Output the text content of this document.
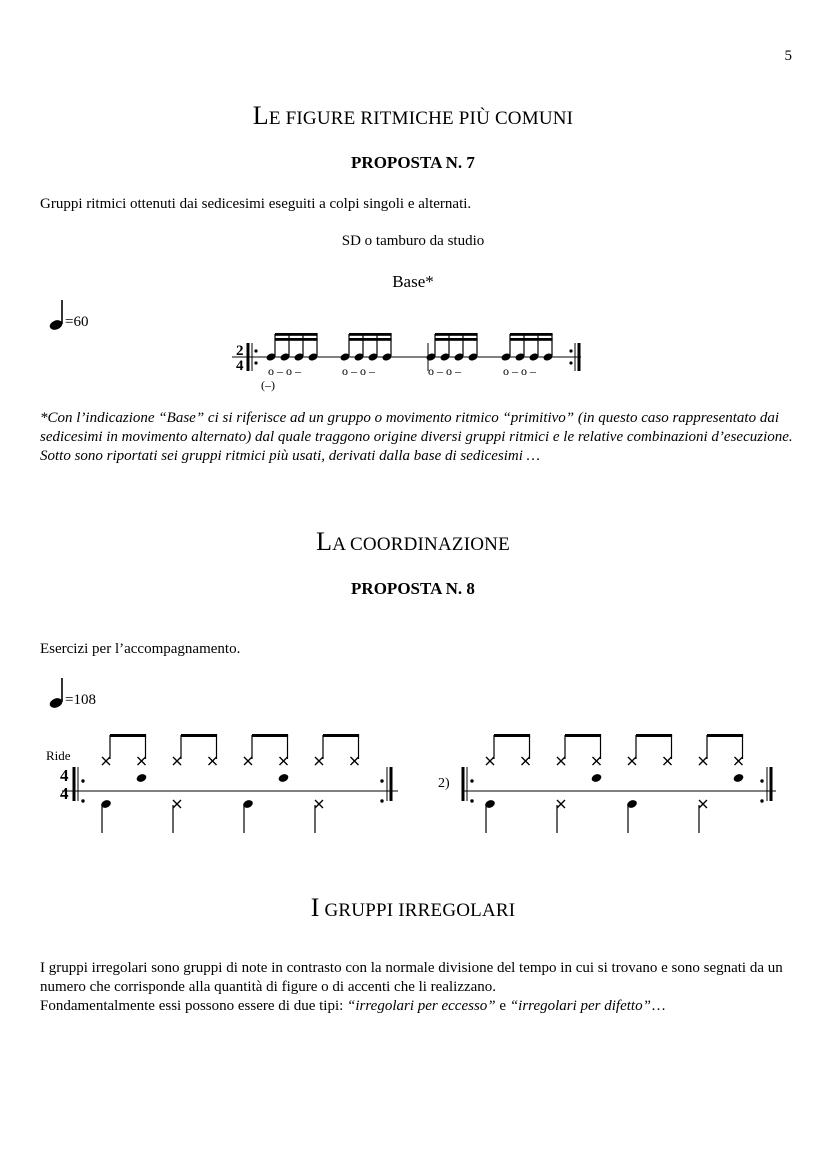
5
LE FIGURE RITMICHE PIÙ COMUNI
PROPOSTA N. 7
Gruppi ritmici ottenuti dai sedicesimi eseguiti a colpi singoli e alternati.
SD o tamburo da studio
Base*
=60
2
4 o – o –	o – o –	o – o –	o – o –
(–)
*Con l’indicazione “Base” ci si riferisce ad un gruppo o movimento ritmico “primitivo” (in questo caso rappresentato dai sedicesimi in movimento alternato) dal quale traggono origine diversi gruppi ritmici e le relative combinazioni d’esecuzione. Sotto sono riportati sei gruppi ritmici più usati, derivati dalla base di sedicesimi …
LA COORDINAZIONE
PROPOSTA N. 8
Esercizi per l’accompagnamento.
=108
Ride
4
4
2)
I GRUPPI IRREGOLARI
I gruppi irregolari sono gruppi di note in contrasto con la normale divisione del tempo in cui si trovano e sono segnati da un numero che corrisponde alla quantità di figure o di accenti che li realizzano.
Fondamentalmente essi possono essere di due tipi: “irregolari per eccesso” e “irregolari per difetto”…
